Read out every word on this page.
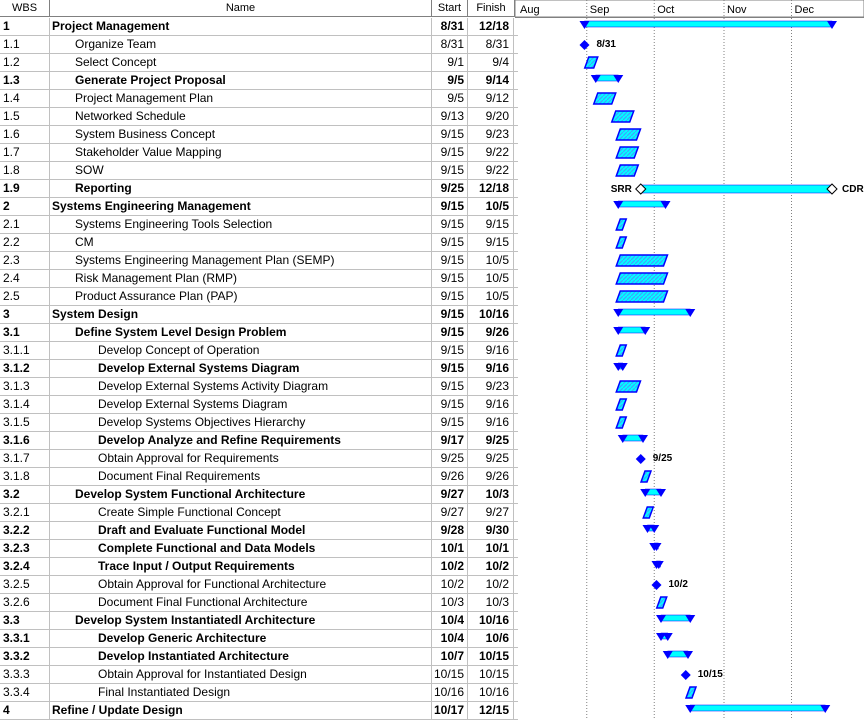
WBS	Name	Start	Finish
1	Project Management	8/31	12/18
1.1	Organize Team	8/31	8/31
1.2	Select Concept	9/1	9/4
1.3	Generate Project Proposal	9/5	9/14
1.4	Project Management Plan	9/5	9/12
1.5	Networked Schedule	9/13	9/20
1.6	System Business Concept	9/15	9/23
1.7	Stakeholder Value Mapping	9/15	9/22
1.8	SOW	9/15	9/22
1.9	Reporting	9/25	12/18
2	Systems Engineering Management	9/15	10/5
2.1	Systems Engineering Tools Selection	9/15	9/15
2.2	CM	9/15	9/15
2.3	Systems Engineering Management Plan (SEMP)	9/15	10/5
2.4	Risk Management Plan (RMP)	9/15	10/5
2.5	Product Assurance Plan (PAP)	9/15	10/5
3	System Design	9/15	10/16
3.1	Define System Level Design Problem	9/15	9/26
3.1.1	Develop Concept of Operation	9/15	9/16
3.1.2	Develop External Systems Diagram	9/15	9/16
3.1.3	Develop External Systems Activity Diagram	9/15	9/23
3.1.4	Develop External Systems Diagram	9/15	9/16
3.1.5	Develop Systems Objectives Hierarchy	9/15	9/16
3.1.6	Develop Analyze and Refine Requirements	9/17	9/25
3.1.7	Obtain Approval for Requirements	9/25	9/25
3.1.8	Document Final Requirements	9/26	9/26
3.2	Develop System Functional Architecture	9/27	10/3
3.2.1	Create Simple Functional Concept	9/27	9/27
3.2.2	Draft and Evaluate Functional Model	9/28	9/30
3.2.3	Complete Functional and Data Models	10/1	10/1
3.2.4	Trace Input / Output Requirements	10/2	10/2
3.2.5	Obtain Approval for Functional Architecture	10/2	10/2
3.2.6	Document Final Functional Architecture	10/3	10/3
3.3	Develop System Instantiatedl Architecture	10/4	10/16
3.3.1	Develop Generic Architecture	10/4	10/6
3.3.2	Develop Instantiated Architecture	10/7	10/15
3.3.3	Obtain Approval for Instantiated Design	10/15	10/15
3.3.4	Final Instantiated Design	10/16	10/16
4	Refine / Update Design	10/17	12/15
Aug	Sep	Oct	Nov	Dec
8/31
SRR	CDR
9/25
10/2
10/15
